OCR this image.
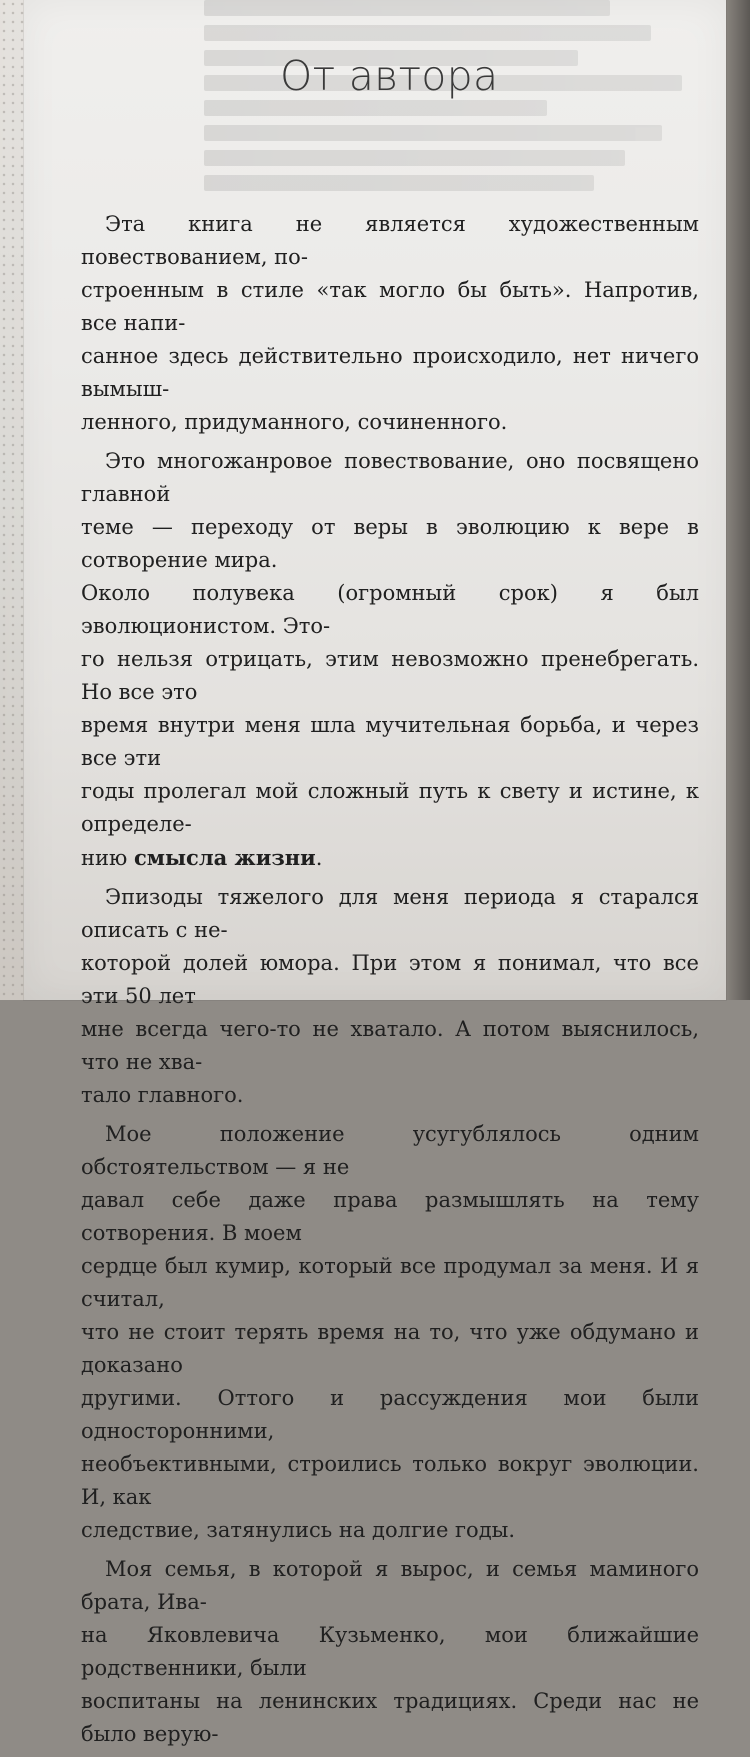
От автора

Эта книга не является художественным повествованием, по-

строенным в стиле «так могло бы быть». Напротив, все напи-

санное здесь действительно происходило, нет ничего вымыш-

ленного, придуманного, сочиненного.

Это многожанровое повествование, оно посвящено главной

теме — переходу от веры в эволюцию к вере в сотворение мира.

Около полувека (огромный срок) я был эволюционистом. Это-

го нельзя отрицать, этим невозможно пренебрегать. Но все это

время внутри меня шла мучительная борьба, и через все эти

годы пролегал мой сложный путь к свету и истине, к определе-

нию смысла жизни.

Эпизоды тяжелого для меня периода я старался описать с не-

которой долей юмора. При этом я понимал, что все эти 50 лет

мне всегда чего-то не хватало. А потом выяснилось, что не хва-

тало главного.

Мое положение усугублялось одним обстоятельством — я не

давал себе даже права размышлять на тему сотворения. В моем

сердце был кумир, который все продумал за меня. И я считал,

что не стоит терять время на то, что уже обдумано и доказано

другими. Оттого и рассуждения мои были односторонними,

необъективными, строились только вокруг эволюции. И, как

следствие, затянулись на долгие годы.

Моя семья, в которой я вырос, и семья маминого брата, Ива-

на Яковлевича Кузьменко, мои ближайшие родственники, были

воспитаны на ленинских традициях. Среди нас не было верую-
